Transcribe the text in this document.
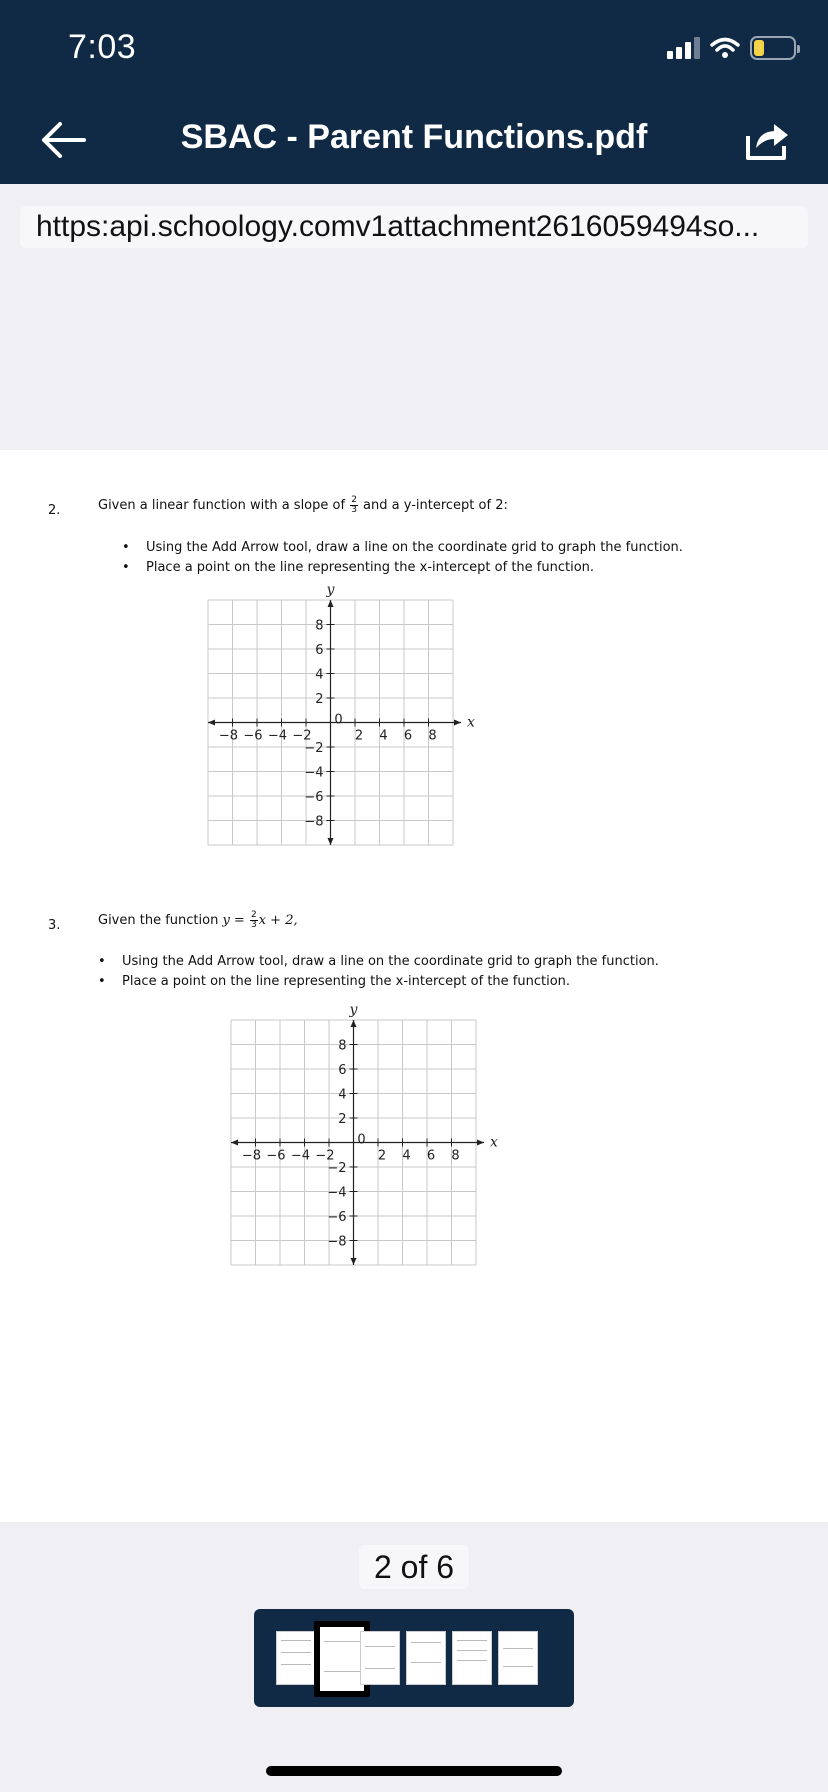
7:03
SBAC - Parent Functions.pdf
https:api.schoology.comv1attachment2616059494so...
2.	Given a linear function with a slope of $\frac{2}{3}$ and a y-intercept of 2:
• Using the Add Arrow tool, draw a line on the coordinate grid to graph the function.
• Place a point on the line representing the x-intercept of the function.
x
y
−8 −6 −4 −2
0
2 4 6 8
8
6
4
2
−2
−4
−6
−8
3.	Given the function $y = \frac{2}{3}$ x + 2,
• Using the Add Arrow tool, draw a line on the coordinate grid to graph the function.
• Place a point on the line representing the x-intercept of the function.
x
y
−8 −6 −4 −2
0
2 4 6 8
8
6
4
2
−2
−4
−6
−8
2 of 6
